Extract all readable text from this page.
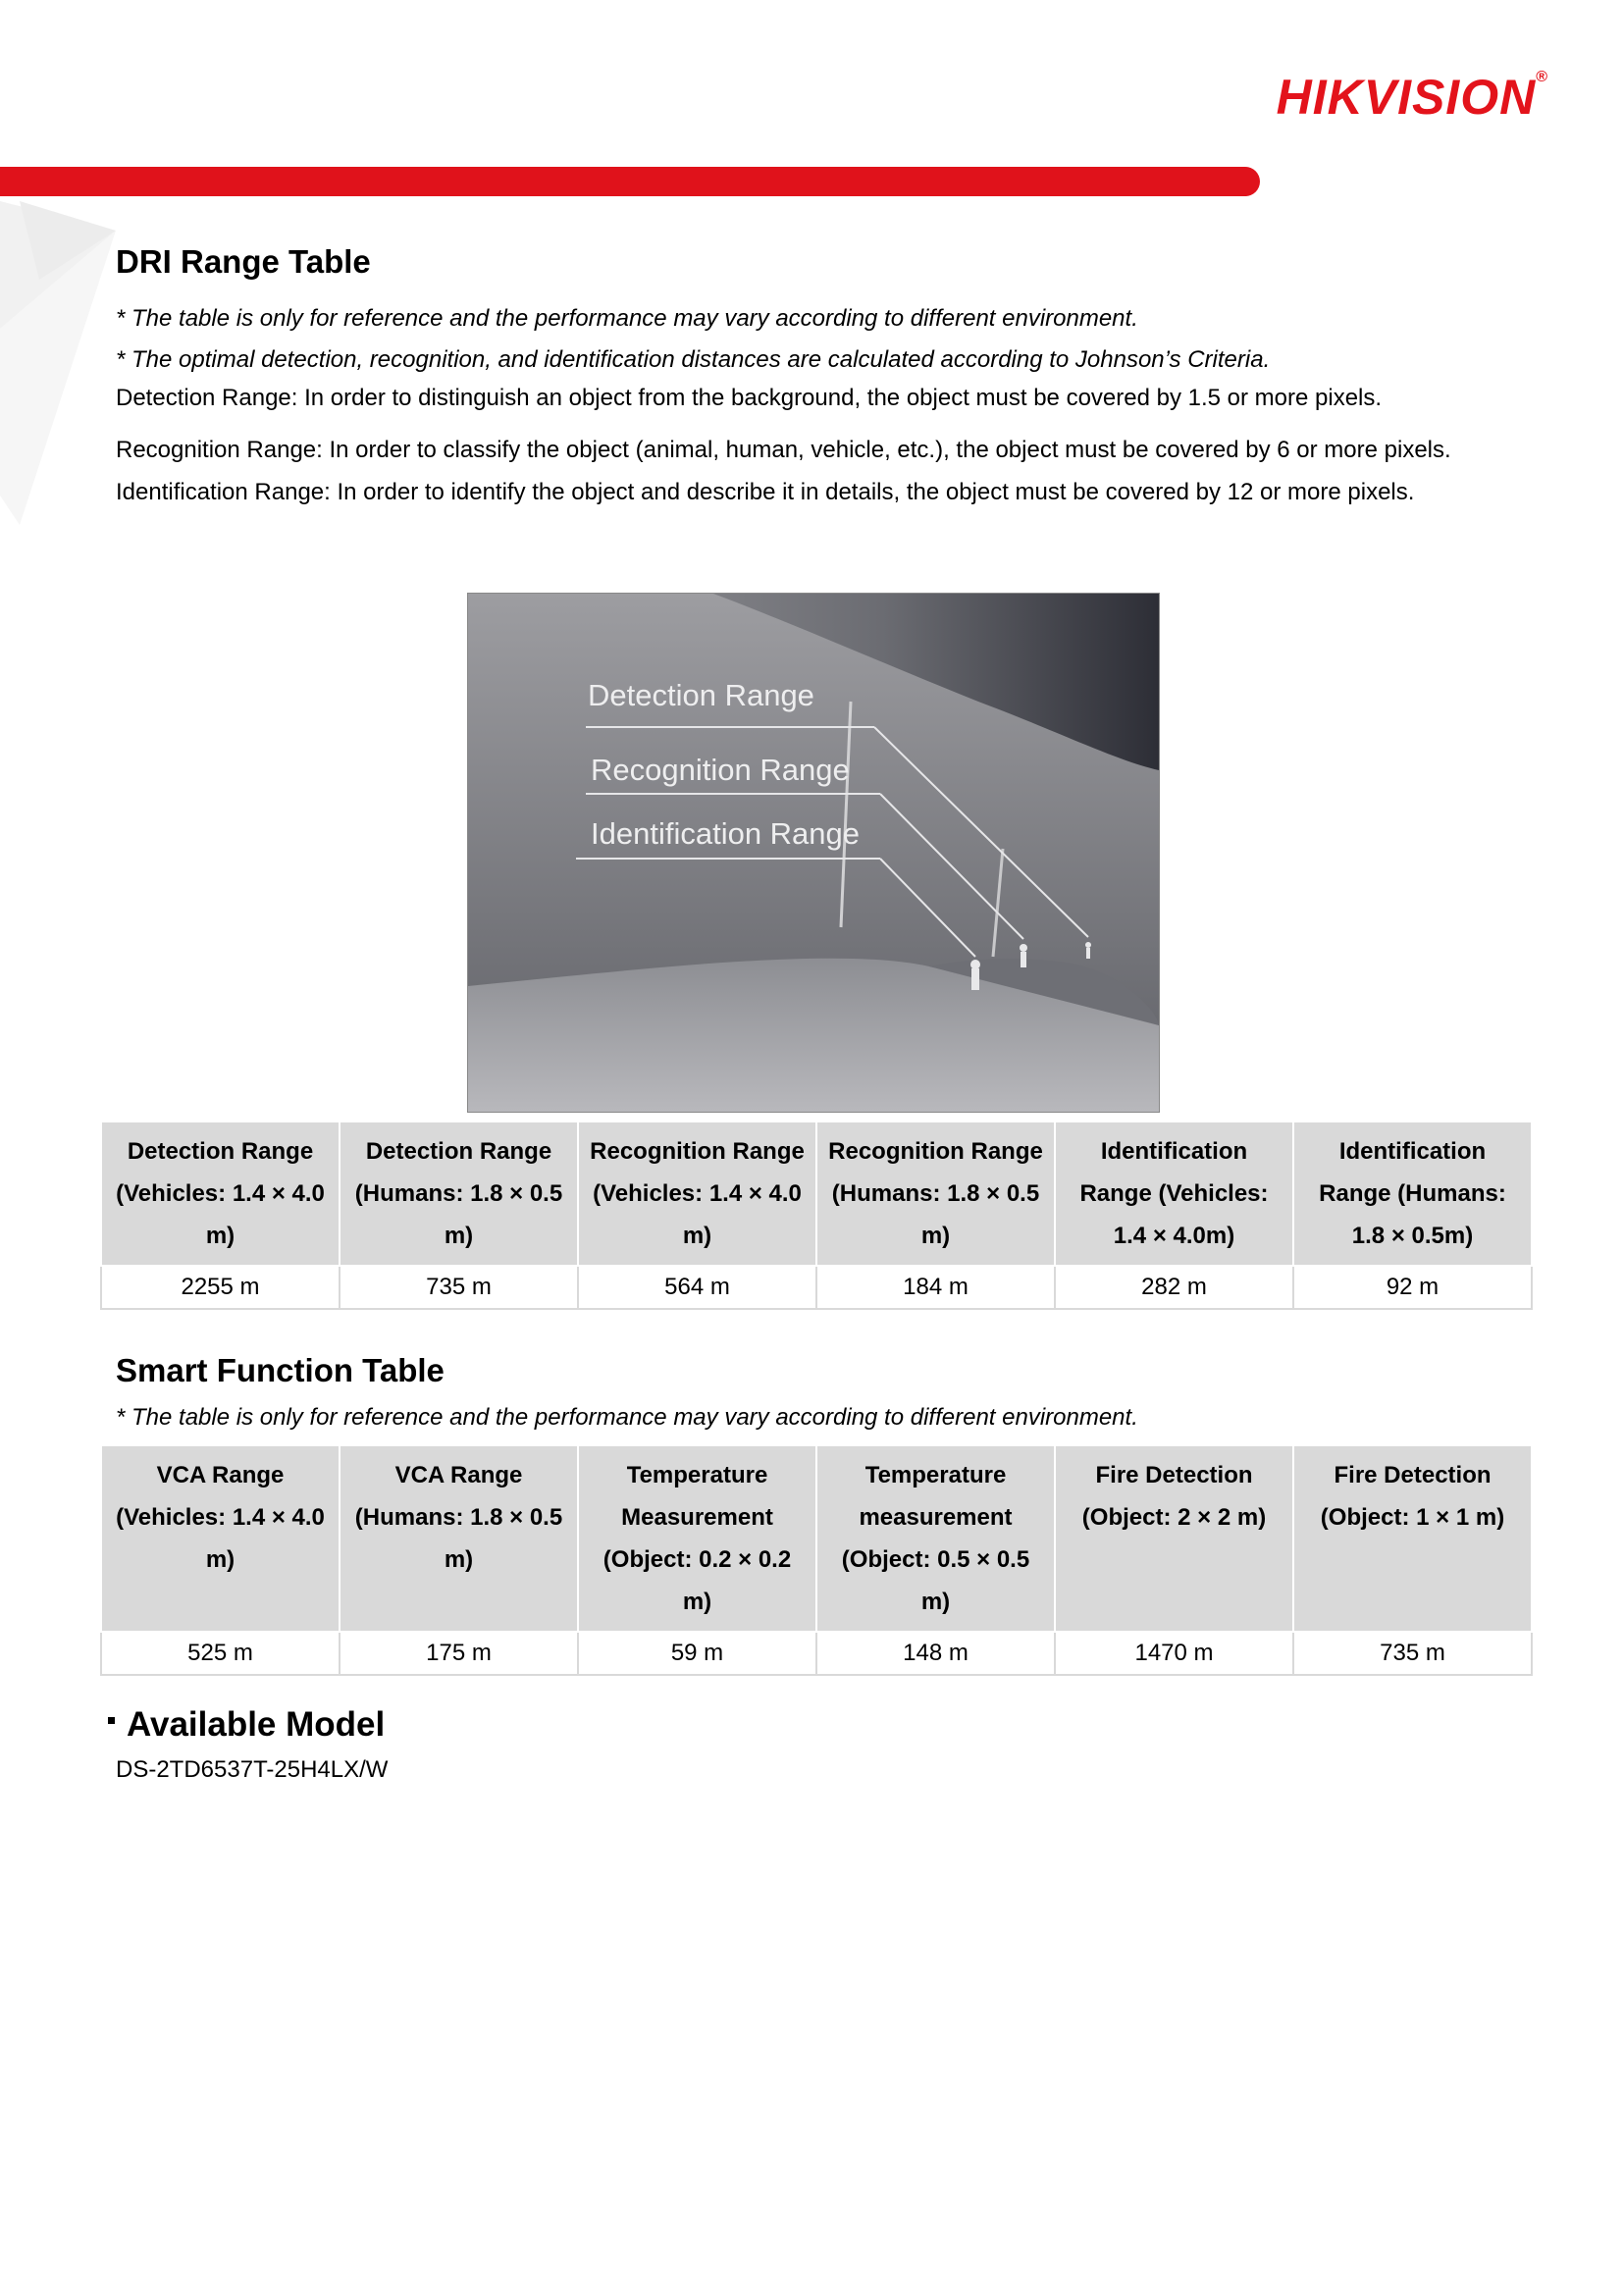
HIKVISION®
DRI Range Table

* The table is only for reference and the performance may vary according to different environment.

* The optimal detection, recognition, and identification distances are calculated according to Johnson’s Criteria.

Detection Range: In order to distinguish an object from the background, the object must be covered by 1.5 or more pixels.

Recognition Range: In order to classify the object (animal, human, vehicle, etc.), the object must be covered by 6 or more pixels.

Identification Range: In order to identify the object and describe it in details, the object must be covered by 12 or more pixels.

Detection Range
Recognition Range
Identification Range
Detection Range (Vehicles: 1.4 × 4.0 m)	Detection Range (Humans: 1.8 × 0.5 m)	Recognition Range (Vehicles: 1.4 × 4.0 m)	Recognition Range (Humans: 1.8 × 0.5 m)	Identification Range (Vehicles: 1.4 × 4.0m)	Identification Range (Humans: 1.8 × 0.5m)
2255 m	735 m	564 m	184 m	282 m	92 m
Smart Function Table

* The table is only for reference and the performance may vary according to different environment.

VCA Range (Vehicles: 1.4 × 4.0 m)	VCA Range (Humans: 1.8 × 0.5 m)	Temperature Measurement (Object: 0.2 × 0.2 m)	Temperature measurement (Object: 0.5 × 0.5 m)	Fire Detection (Object: 2 × 2 m)	Fire Detection (Object: 1 × 1 m)
525 m	175 m	59 m	148 m	1470 m	735 m
Available Model

DS-2TD6537T-25H4LX/W
